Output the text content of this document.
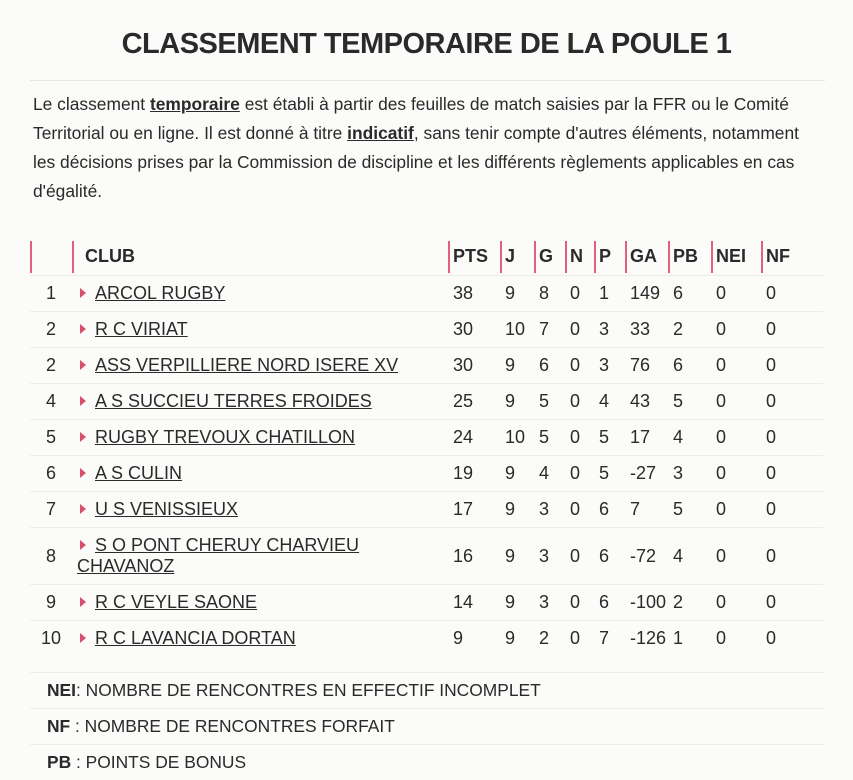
CLASSEMENT TEMPORAIRE DE LA POULE 1

Le classement temporaire est établi à partir des feuilles de match saisies par la FFR ou le Comité Territorial ou en ligne. Il est donné à titre indicatif, sans tenir compte d'autres éléments, notamment les décisions prises par la Commission de discipline et les différents règlements applicables en cas d'égalité.

	CLUB	PTS	J	G	N	P	GA	PB	NEI	NF
1	ARCOL RUGBY	38	9	8	0	1	149	6	0	0
2	R C VIRIAT	30	10	7	0	3	33	2	0	0
2	ASS VERPILLIERE NORD ISERE XV	30	9	6	0	3	76	6	0	0
4	A S SUCCIEU TERRES FROIDES	25	9	5	0	4	43	5	0	0
5	RUGBY TREVOUX CHATILLON	24	10	5	0	5	17	4	0	0
6	A S CULIN	19	9	4	0	5	-27	3	0	0
7	U S VENISSIEUX	17	9	3	0	6	7	5	0	0
8	S O PONT CHERUY CHARVIEU CHAVANOZ	16	9	3	0	6	-72	4	0	0
9	R C VEYLE SAONE	14	9	3	0	6	-100	2	0	0
10	R C LAVANCIA DORTAN	9	9	2	0	7	-126	1	0	0
NEI: NOMBRE DE RENCONTRES EN EFFECTIF INCOMPLET
NF : NOMBRE DE RENCONTRES FORFAIT
PB : POINTS DE BONUS
